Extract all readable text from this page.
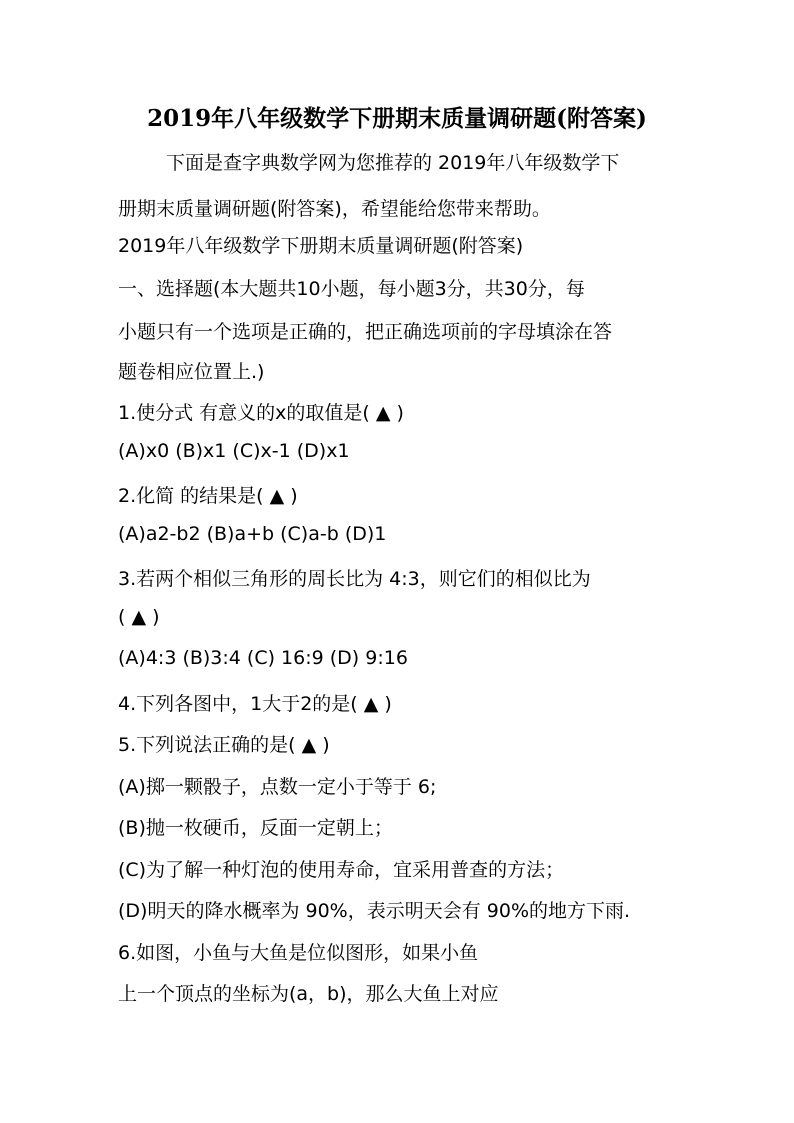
2019年八年级数学下册期末质量调研题(附答案)
下面是查字典数学网为您推荐的 2019年八年级数学下
册期末质量调研题(附答案)，希望能给您带来帮助。
2019年八年级数学下册期末质量调研题(附答案)
一、选择题(本大题共10小题，每小题3分，共30分，每
小题只有一个选项是正确的，把正确选项前的字母填涂在答
题卷相应位置上.)
1.使分式 有意义的x的取值是( ▲ )
(A)x0 (B)x1 (C)x-1 (D)x1
2.化简 的结果是( ▲ )
(A)a2-b2 (B)a+b (C)a-b (D)1
3.若两个相似三角形的周长比为 4:3，则它们的相似比为
( ▲ )
(A)4:3 (B)3:4 (C) 16:9 (D) 9:16
4.下列各图中，1大于2的是( ▲ )
5.下列说法正确的是( ▲ )
(A)掷一颗骰子，点数一定小于等于 6;
(B)抛一枚硬币，反面一定朝上；
(C)为了解一种灯泡的使用寿命，宜采用普查的方法；
(D)明天的降水概率为 90%，表示明天会有 90%的地方下雨.
6.如图，小鱼与大鱼是位似图形，如果小鱼
上一个顶点的坐标为(a，b)，那么大鱼上对应
